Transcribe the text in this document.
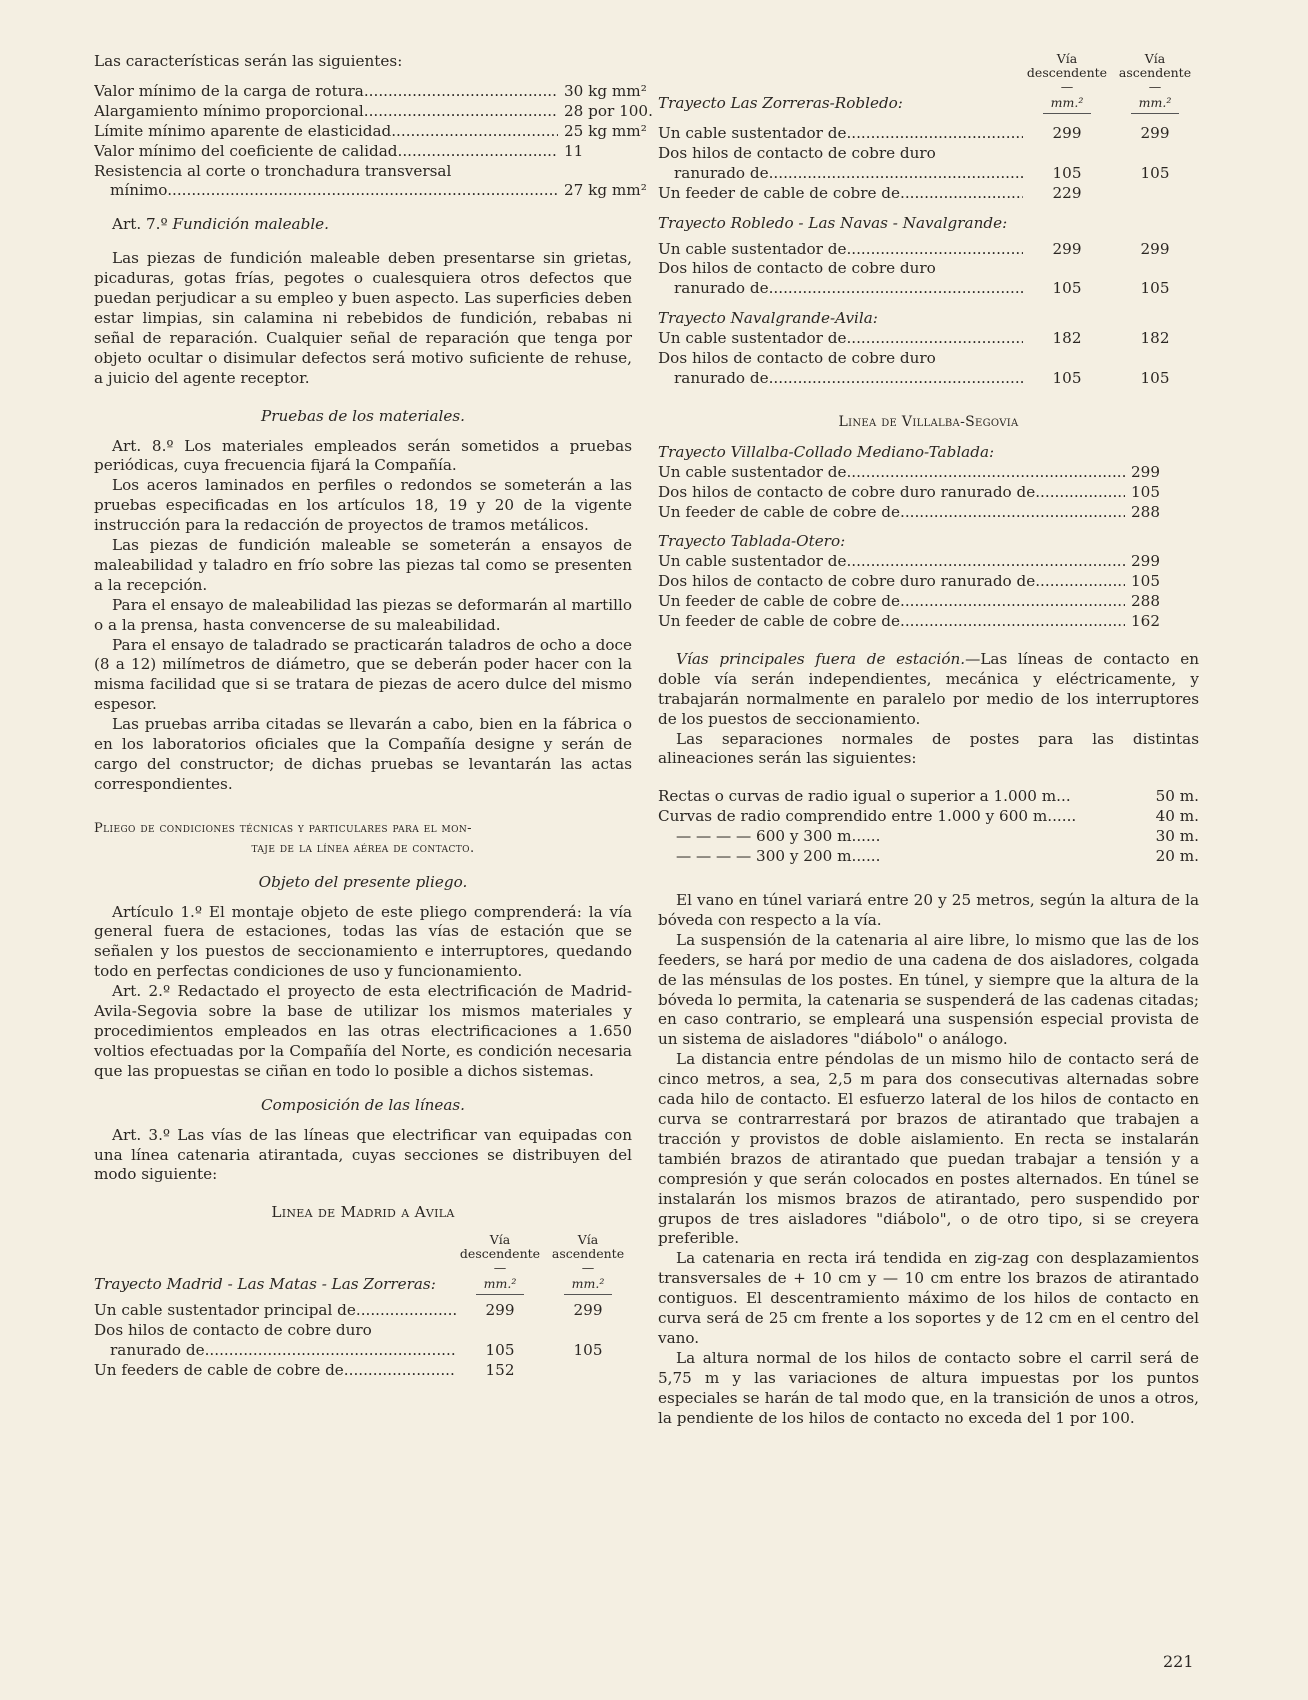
Las características serán las siguientes:

Valor mínimo de la carga de rotura .....	30 kg mm²
Alargamiento mínimo proporcional .....	28 por 100.
Límite mínimo aparente de elasticidad .....	25 kg mm²
Valor mínimo del coeficiente de calidad .....	11

Resistencia al corte o tronchadura transversal

mínimo .....	27 kg mm²

Art. 7.º Fundición maleable.

Las piezas de fundición maleable deben presentarse sin grietas, picaduras, gotas frías, pegotes o cualesquiera otros defectos que puedan perjudicar a su empleo y buen aspecto. Las superficies deben estar limpias, sin calamina ni rebebidos de fundición, rebabas ni señal de reparación. Cualquier señal de reparación que tenga por objeto ocultar o disimular defectos será motivo suficiente de rehuse, a juicio del agente receptor.

Pruebas de los materiales.

Art. 8.º Los materiales empleados serán sometidos a pruebas periódicas, cuya frecuencia fijará la Compañía.

Los aceros laminados en perfiles o redondos se someterán a las pruebas especificadas en los artículos 18, 19 y 20 de la vigente instrucción para la redacción de proyectos de tramos metálicos.

Las piezas de fundición maleable se someterán a ensayos de maleabilidad y taladro en frío sobre las piezas tal como se presenten a la recepción.

Para el ensayo de maleabilidad las piezas se deformarán al martillo o a la prensa, hasta convencerse de su maleabilidad.

Para el ensayo de taladrado se practicarán taladros de ocho a doce (8 a 12) milímetros de diámetro, que se deberán poder hacer con la misma facilidad que si se tratara de piezas de acero dulce del mismo espesor.

Las pruebas arriba citadas se llevarán a cabo, bien en la fábrica o en los laboratorios oficiales que la Compañía designe y serán de cargo del constructor; de dichas pruebas se levantarán las actas correspondientes.

Pliego de condiciones técnicas y particulares para el mon-

taje de la línea aérea de contacto.

Objeto del presente pliego.

Artículo 1.º El montaje objeto de este pliego comprenderá: la vía general fuera de estaciones, todas las vías de estación que se señalen y los puestos de seccionamiento e interruptores, quedando todo en perfectas condiciones de uso y funcionamiento.

Art. 2.º Redactado el proyecto de esta electrificación de Madrid-Avila-Segovia sobre la base de utilizar los mismos materiales y procedimientos empleados en las otras electrificaciones a 1.650 voltios efectuadas por la Compañía del Norte, es condición necesaria que las propuestas se ciñan en todo lo posible a dichos sistemas.

Composición de las líneas.

Art. 3.º Las vías de las líneas que electrificar van equipadas con una línea catenaria atirantada, cuyas secciones se distribuyen del modo siguiente:

Linea de Madrid a Avila

Trayecto Madrid - Las Matas - Las Zorreras:
Vía descendente
—
mm.²
Vía ascendente
—
mm.²
Un cable sustentador principal de .....	299	299
Dos hilos de contacto de cobre duro
ranurado de .....	105	105
Un feeders de cable de cobre de .....	152
Trayecto Las Zorreras-Robledo:
Vía descendente
—
mm.²
Vía ascendente
—
mm.²
Un cable sustentador de .....	299	299
Dos hilos de contacto de cobre duro
ranurado de .....	105	105
Un feeder de cable de cobre de .....	229

Trayecto Robledo - Las Navas - Navalgrande:

Un cable sustentador de .....	299	299
Dos hilos de contacto de cobre duro
ranurado de .....	105	105

Trayecto Navalgrande-Avila:

Un cable sustentador de .....	182	182
Dos hilos de contacto de cobre duro
ranurado de .....	105	105

Linea de Villalba-Segovia

Trayecto Villalba-Collado Mediano-Tablada:

Un cable sustentador de .....	299
Dos hilos de contacto de cobre duro ranurado de .....	105
Un feeder de cable de cobre de .....	288

Trayecto Tablada-Otero:

Un cable sustentador de .....	299
Dos hilos de contacto de cobre duro ranurado de .....	105
Un feeder de cable de cobre de .....	288
Un feeder de cable de cobre de .....	162

Vías principales fuera de estación.—Las líneas de contacto en doble vía serán independientes, mecánica y eléctricamente, y trabajarán normalmente en paralelo por medio de los interruptores de los puestos de seccionamiento.

Las separaciones normales de postes para las distintas alineaciones serán las siguientes:

Rectas o curvas de radio igual o superior a 1.000 m...	50 m.
Curvas de radio comprendido entre 1.000 y 600 m......	40 m.
— — — — 600 y 300 m......	30 m.
— — — — 300 y 200 m......	20 m.

El vano en túnel variará entre 20 y 25 metros, según la altura de la bóveda con respecto a la vía.

La suspensión de la catenaria al aire libre, lo mismo que las de los feeders, se hará por medio de una cadena de dos aisladores, colgada de las ménsulas de los postes. En túnel, y siempre que la altura de la bóveda lo permita, la catenaria se suspenderá de las cadenas citadas; en caso contrario, se empleará una suspensión especial provista de un sistema de aisladores "diábolo" o análogo.

La distancia entre péndolas de un mismo hilo de contacto será de cinco metros, a sea, 2,5 m para dos consecutivas alternadas sobre cada hilo de contacto. El esfuerzo lateral de los hilos de contacto en curva se contrarrestará por brazos de atirantado que trabajen a tracción y provistos de doble aislamiento. En recta se instalarán también brazos de atirantado que puedan trabajar a tensión y a compresión y que serán colocados en postes alternados. En túnel se instalarán los mismos brazos de atirantado, pero suspendido por grupos de tres aisladores "diábolo", o de otro tipo, si se creyera preferible.

La catenaria en recta irá tendida en zig-zag con desplazamientos transversales de + 10 cm y — 10 cm entre los brazos de atirantado contiguos. El descentramiento máximo de los hilos de contacto en curva será de 25 cm frente a los soportes y de 12 cm en el centro del vano.

La altura normal de los hilos de contacto sobre el carril será de 5,75 m y las variaciones de altura impuestas por los puntos especiales se harán de tal modo que, en la transición de unos a otros, la pendiente de los hilos de contacto no exceda del 1 por 100.

221
